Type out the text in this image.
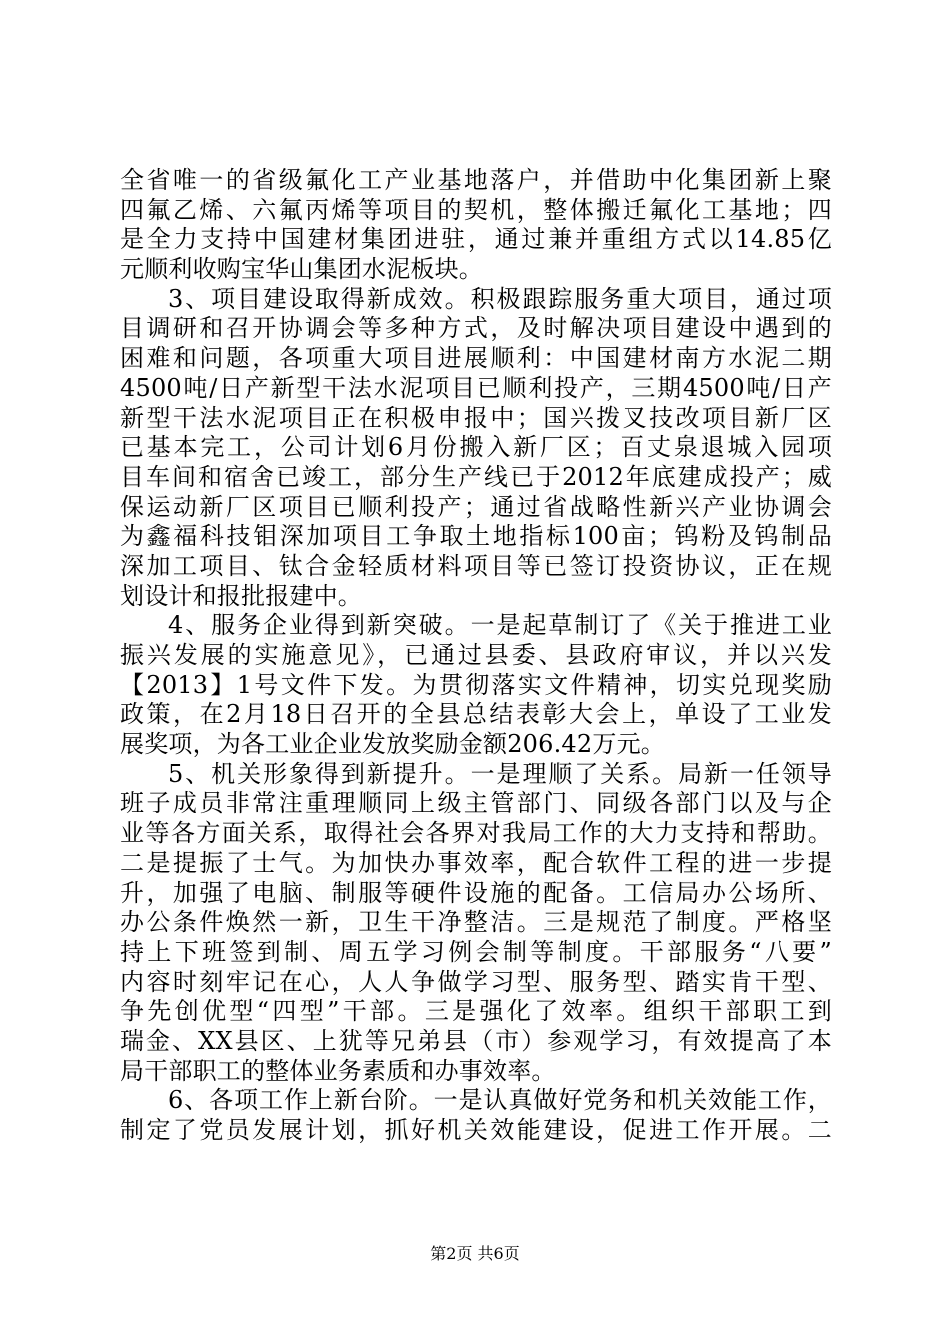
全省唯一的省级氟化工产业基地落户，并借助中化集团新上聚
四氟乙烯、六氟丙烯等项目的契机，整体搬迁氟化工基地；四
是全力支持中国建材集团进驻，通过兼并重组方式以14.85亿
元顺利收购宝华山集团水泥板块。
3、项目建设取得新成效。积极跟踪服务重大项目，通过项
目调研和召开协调会等多种方式，及时解决项目建设中遇到的
困难和问题，各项重大项目进展顺利：中国建材南方水泥二期
4500吨/日产新型干法水泥项目已顺利投产，三期4500吨/日产
新型干法水泥项目正在积极申报中；国兴拨叉技改项目新厂区
已基本完工，公司计划6月份搬入新厂区；百丈泉退城入园项
目车间和宿舍已竣工，部分生产线已于2012年底建成投产；威
保运动新厂区项目已顺利投产；通过省战略性新兴产业协调会
为鑫福科技钼深加项目工争取土地指标100亩；钨粉及钨制品
深加工项目、钛合金轻质材料项目等已签订投资协议，正在规
划设计和报批报建中。
4、服务企业得到新突破。一是起草制订了《关于推进工业
振兴发展的实施意见》，已通过县委、县政府审议，并以兴发
【2013】1号文件下发。为贯彻落实文件精神，切实兑现奖励
政策，在2月18日召开的全县总结表彰大会上，单设了工业发
展奖项，为各工业企业发放奖励金额206.42万元。
5、机关形象得到新提升。一是理顺了关系。局新一任领导
班子成员非常注重理顺同上级主管部门、同级各部门以及与企
业等各方面关系，取得社会各界对我局工作的大力支持和帮助。
二是提振了士气。为加快办事效率，配合软件工程的进一步提
升，加强了电脑、制服等硬件设施的配备。工信局办公场所、
办公条件焕然一新，卫生干净整洁。三是规范了制度。严格坚
持上下班签到制、周五学习例会制等制度。干部服务“八要”
内容时刻牢记在心，人人争做学习型、服务型、踏实肯干型、
争先创优型“四型”干部。三是强化了效率。组织干部职工到
瑞金、XX县区、上犹等兄弟县（市）参观学习，有效提高了本
局干部职工的整体业务素质和办事效率。
6、各项工作上新台阶。一是认真做好党务和机关效能工作，
制定了党员发展计划，抓好机关效能建设，促进工作开展。二
第2页 共6页
